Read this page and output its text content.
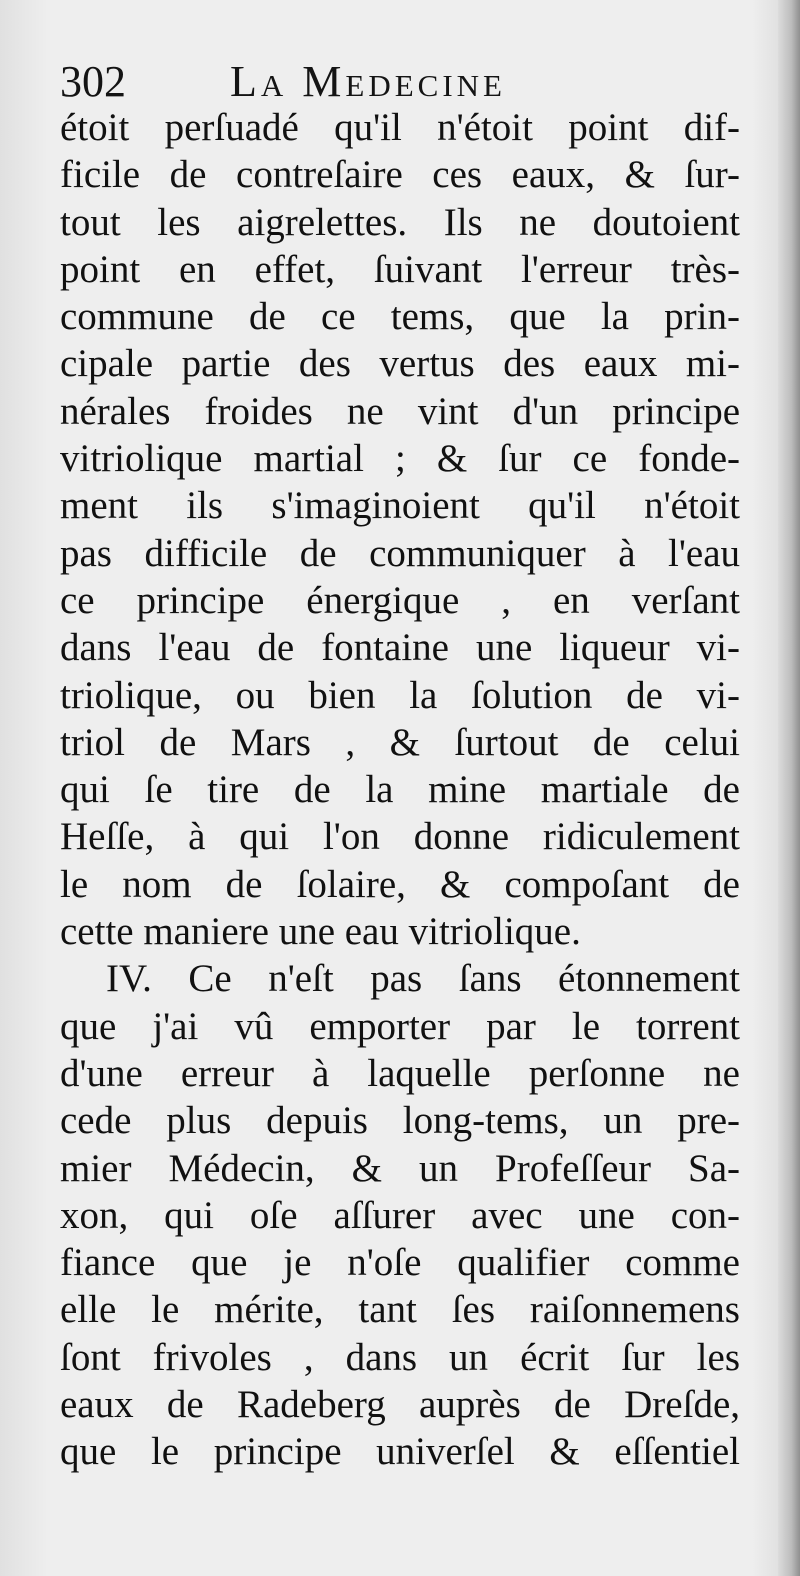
302 La Medecine
étoit perſuadé qu'il n'étoit point dif-
ficile de contreſaire ces eaux, & ſur-
tout les aigrelettes. Ils ne doutoient
point en effet, ſuivant l'erreur très-
commune de ce tems, que la prin-
cipale partie des vertus des eaux mi-
nérales froides ne vint d'un principe
vitriolique martial ; & ſur ce fonde-
ment ils s'imaginoient qu'il n'étoit
pas difficile de communiquer à l'eau
ce principe énergique , en verſant
dans l'eau de fontaine une liqueur vi-
triolique, ou bien la ſolution de vi-
triol de Mars , & ſurtout de celui
qui ſe tire de la mine martiale de
Heſſe, à qui l'on donne ridiculement
le nom de ſolaire, & compoſant de
cette maniere une eau vitriolique.
IV. Ce n'eſt pas ſans étonnement
que j'ai vû emporter par le torrent
d'une erreur à laquelle perſonne ne
cede plus depuis long-tems, un pre-
mier Médecin, & un Profeſſeur Sa-
xon, qui oſe aſſurer avec une con-
fiance que je n'oſe qualifier comme
elle le mérite, tant ſes raiſonnemens
ſont frivoles , dans un écrit ſur les
eaux de Radeberg auprès de Dreſde,
que le principe univerſel & eſſentiel
